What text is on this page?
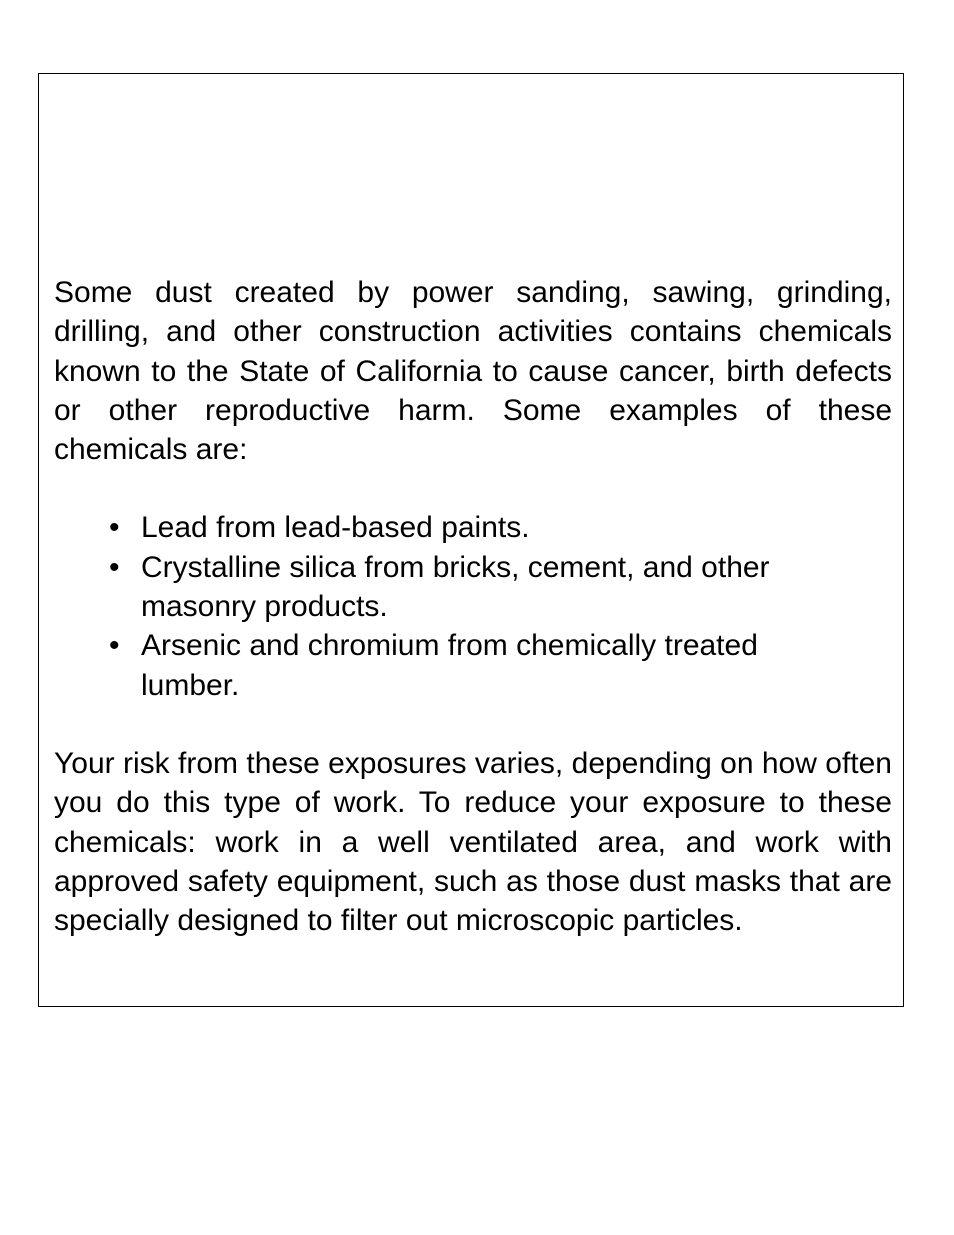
Some dust created by power sanding, sawing, grinding, drilling, and other construction activities contains chemicals known to the State of California to cause cancer, birth defects or other reproductive harm. Some examples of these chemicals are:

• Lead from lead-based paints.
• Crystalline silica from bricks, cement, and other masonry products.
• Arsenic and chromium from chemically treated lumber.

Your risk from these exposures varies, depending on how often you do this type of work. To reduce your exposure to these chemicals: work in a well ventilated area, and work with approved safety equipment, such as those dust masks that are specially designed to filter out microscopic particles.
